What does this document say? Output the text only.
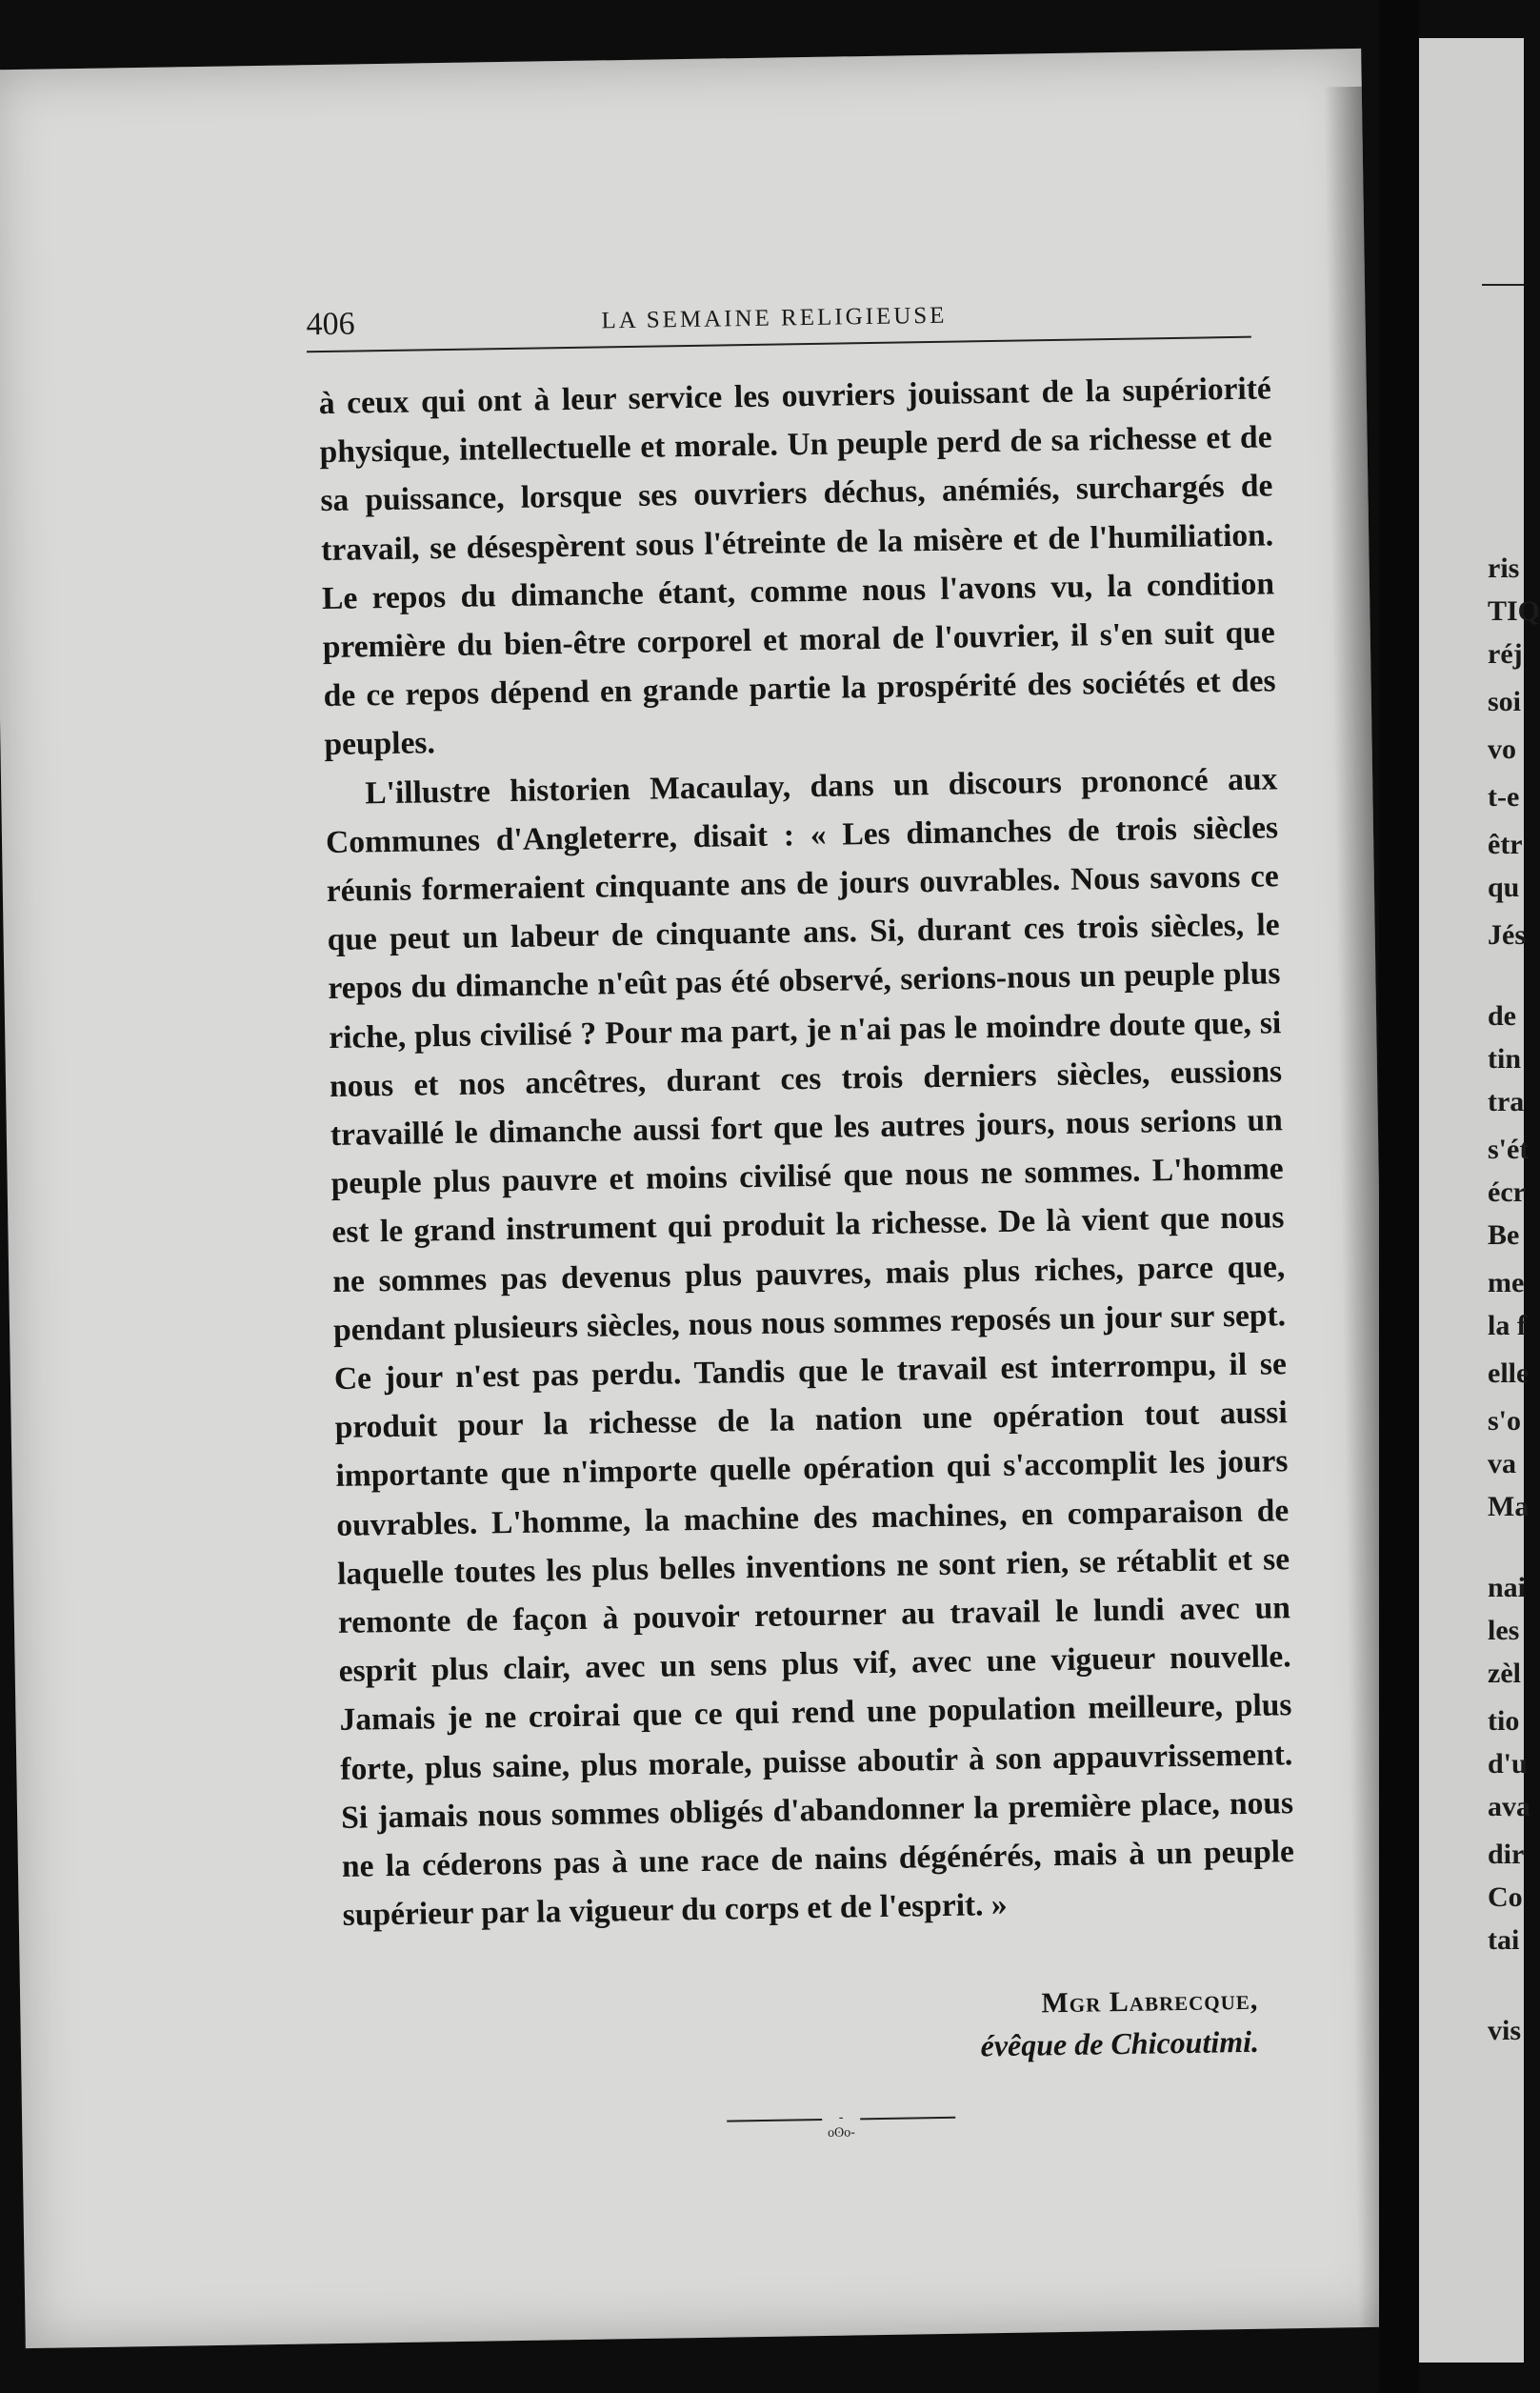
406	LA SEMAINE RELIGIEUSE

à ceux qui ont à leur service les ouvriers jouissant de la supériorité physique, intellectuelle et morale. Un peuple perd de sa richesse et de sa puissance, lorsque ses ouvriers déchus, anémiés, surchargés de travail, se désespèrent sous l'étreinte de la misère et de l'humiliation. Le repos du dimanche étant, comme nous l'avons vu, la condition première du bien-être corporel et moral de l'ouvrier, il s'en suit que de ce repos dépend en grande partie la prospérité des sociétés et des peuples.

L'illustre historien Macaulay, dans un discours prononcé aux Communes d'Angleterre, disait : « Les dimanches de trois siècles réunis formeraient cinquante ans de jours ouvrables. Nous savons ce que peut un labeur de cinquante ans. Si, durant ces trois siècles, le repos du dimanche n'eût pas été observé, serions-nous un peuple plus riche, plus civilisé ? Pour ma part, je n'ai pas le moindre doute que, si nous et nos ancêtres, durant ces trois derniers siècles, eussions travaillé le dimanche aussi fort que les autres jours, nous serions un peuple plus pauvre et moins civilisé que nous ne sommes. L'homme est le grand instrument qui produit la richesse. De là vient que nous ne sommes pas devenus plus pauvres, mais plus riches, parce que, pendant plusieurs siècles, nous nous sommes reposés un jour sur sept. Ce jour n'est pas perdu. Tandis que le travail est interrompu, il se produit pour la richesse de la nation une opération tout aussi importante que n'importe quelle opération qui s'accomplit les jours ouvrables. L'homme, la machine des machines, en comparaison de laquelle toutes les plus belles inventions ne sont rien, se rétablit et se remonte de façon à pouvoir retourner au travail le lundi avec un esprit plus clair, avec un sens plus vif, avec une vigueur nouvelle. Jamais je ne croirai que ce qui rend une population meilleure, plus forte, plus saine, plus morale, puisse aboutir à son appauvrissement. Si jamais nous sommes obligés d'abandonner la première place, nous ne la céderons pas à une race de nains dégénérés, mais à un peuple supérieur par la vigueur du corps et de l'esprit. »

Mgr Labrecque,
évêque de Chicoutimi.
-oʘo-
ris
TIQ
réj
soi
vo
t-e
êtr
qu
Jés
de
tin
tra
s'ét
écr
Be
me
la f
elle
s'o
va
Ma
nai
les
zèl
tio
d'u
ava
dir
Co
tai
vis
